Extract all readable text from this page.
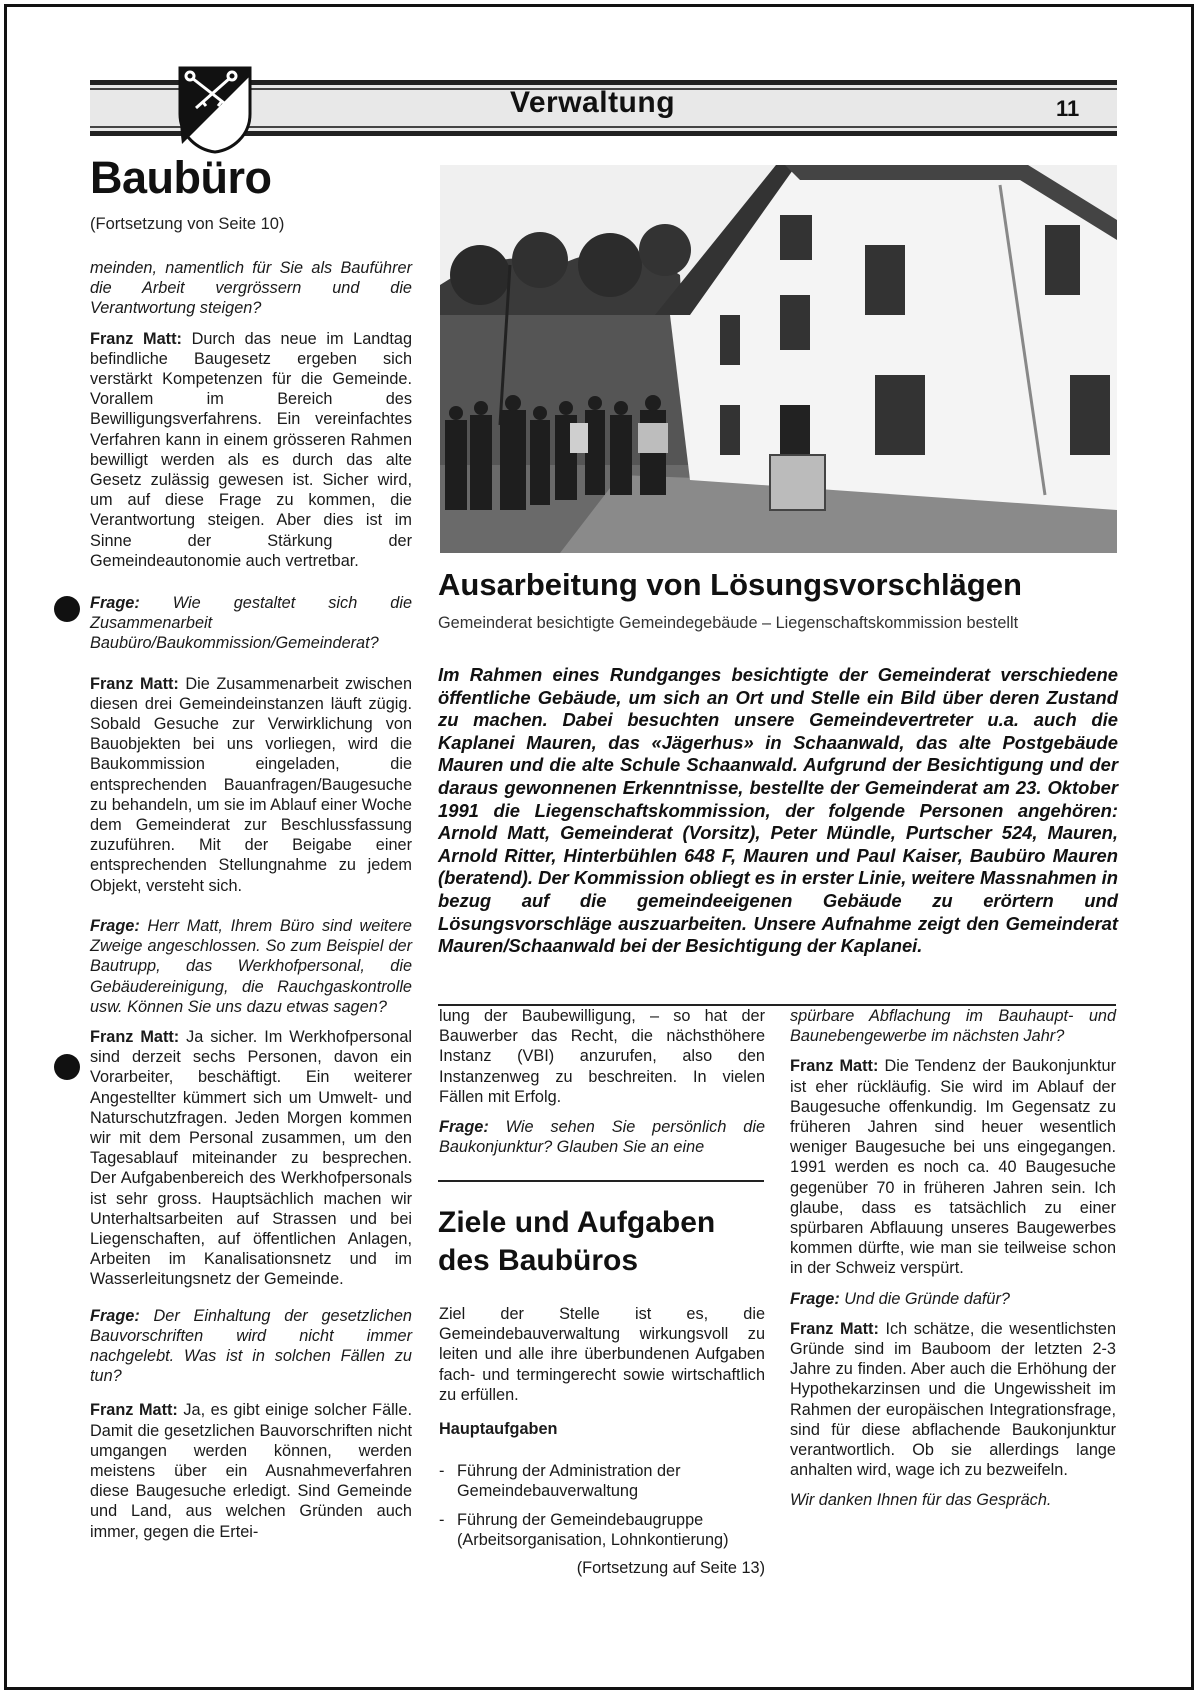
Verwaltung	11
Baubüro
(Fortsetzung von Seite 10)

meinden, namentlich für Sie als Bauführer die Arbeit vergrössern und die Verantwortung steigen?

Franz Matt: Durch das neue im Landtag befindliche Baugesetz ergeben sich verstärkt Kompetenzen für die Gemeinde. Vorallem im Bereich des Bewilligungsverfahrens. Ein vereinfachtes Verfahren kann in einem grösseren Rahmen bewilligt werden als es durch das alte Gesetz zulässig gewesen ist. Sicher wird, um auf diese Frage zu kommen, die Verantwortung steigen. Aber dies ist im Sinne der Stärkung der Gemeindeautonomie auch vertretbar.

Frage: Wie gestaltet sich die Zusammenarbeit Baubüro/Baukommission/Gemeinderat?

Franz Matt: Die Zusammenarbeit zwischen diesen drei Gemeindeinstanzen läuft zügig. Sobald Gesuche zur Verwirklichung von Bauobjekten bei uns vorliegen, wird die Baukommission eingeladen, die entsprechenden Bauanfragen/Baugesuche zu behandeln, um sie im Ablauf einer Woche dem Gemeinderat zur Beschlussfassung zuzuführen. Mit der Beigabe einer entsprechenden Stellungnahme zu jedem Objekt, versteht sich.

Frage: Herr Matt, Ihrem Büro sind weitere Zweige angeschlossen. So zum Beispiel der Bautrupp, das Werkhofpersonal, die Gebäudereinigung, die Rauchgaskontrolle usw. Können Sie uns dazu etwas sagen?

Franz Matt: Ja sicher. Im Werkhofpersonal sind derzeit sechs Personen, davon ein Vorarbeiter, beschäftigt. Ein weiterer Angestellter kümmert sich um Umwelt- und Naturschutzfragen. Jeden Morgen kommen wir mit dem Personal zusammen, um den Tagesablauf miteinander zu besprechen. Der Aufgabenbereich des Werkhofpersonals ist sehr gross. Hauptsächlich machen wir Unterhaltsarbeiten auf Strassen und bei Liegenschaften, auf öffentlichen Anlagen, Arbeiten im Kanalisationsnetz und im Wasserleitungsnetz der Gemeinde.

Frage: Der Einhaltung der gesetzlichen Bauvorschriften wird nicht immer nachgelebt. Was ist in solchen Fällen zu tun?

Franz Matt: Ja, es gibt einige solcher Fälle. Damit die gesetzlichen Bauvorschriften nicht umgangen werden können, werden meistens über ein Ausnahmeverfahren diese Baugesuche erledigt. Sind Gemeinde und Land, aus welchen Gründen auch immer, gegen die Ertei-

Ausarbeitung von Lösungsvorschlägen
Gemeinderat besichtigte Gemeindegebäude – Liegenschaftskommission bestellt
Im Rahmen eines Rundganges besichtigte der Gemeinderat verschiedene öffentliche Gebäude, um sich an Ort und Stelle ein Bild über deren Zustand zu machen. Dabei besuchten unsere Gemeindevertreter u.a. auch die Kaplanei Mauren, das «Jägerhus» in Schaanwald, das alte Postgebäude Mauren und die alte Schule Schaanwald. Aufgrund der Besichtigung und der daraus gewonnenen Erkenntnisse, bestellte der Gemeinderat am 23. Oktober 1991 die Liegenschaftskommission, der folgende Personen angehören: Arnold Matt, Gemeinderat (Vorsitz), Peter Mündle, Purtscher 524, Mauren, Arnold Ritter, Hinterbühlen 648 F, Mauren und Paul Kaiser, Baubüro Mauren (beratend). Der Kommission obliegt es in erster Linie, weitere Massnahmen in bezug auf die gemeindeeigenen Gebäude zu erörtern und Lösungsvorschläge auszuarbeiten. Unsere Aufnahme zeigt den Gemeinderat Mauren/Schaanwald bei der Besichtigung der Kaplanei.

lung der Baubewilligung, – so hat der Bauwerber das Recht, die nächsthöhere Instanz (VBI) anzurufen, also den Instanzenweg zu beschreiten. In vielen Fällen mit Erfolg.

Frage: Wie sehen Sie persönlich die Baukonjunktur? Glauben Sie an eine

Ziele und Aufgaben des Baubüros

Ziel der Stelle ist es, die Gemeindebauverwaltung wirkungsvoll zu leiten und alle ihre überbundenen Aufgaben fach- und termingerecht sowie wirtschaftlich zu erfüllen.

Hauptaufgaben

- Führung der Administration der Gemeindebauverwaltung
- Führung der Gemeindebaugruppe (Arbeitsorganisation, Lohnkontierung)

(Fortsetzung auf Seite 13)

spürbare Abflachung im Bauhaupt- und Baunebengewerbe im nächsten Jahr?

Franz Matt: Die Tendenz der Baukonjunktur ist eher rückläufig. Sie wird im Ablauf der Baugesuche offenkundig. Im Gegensatz zu früheren Jahren sind heuer wesentlich weniger Baugesuche bei uns eingegangen. 1991 werden es noch ca. 40 Baugesuche gegenüber 70 in früheren Jahren sein. Ich glaube, dass es tatsächlich zu einer spürbaren Abflauung unseres Baugewerbes kommen dürfte, wie man sie teilweise schon in der Schweiz verspürt.

Frage: Und die Gründe dafür?

Franz Matt: Ich schätze, die wesentlichsten Gründe sind im Bauboom der letzten 2-3 Jahre zu finden. Aber auch die Erhöhung der Hypothekarzinsen und die Ungewissheit im Rahmen der europäischen Integrationsfrage, sind für diese abflachende Baukonjunktur verantwortlich. Ob sie allerdings lange anhalten wird, wage ich zu bezweifeln.

Wir danken Ihnen für das Gespräch.
